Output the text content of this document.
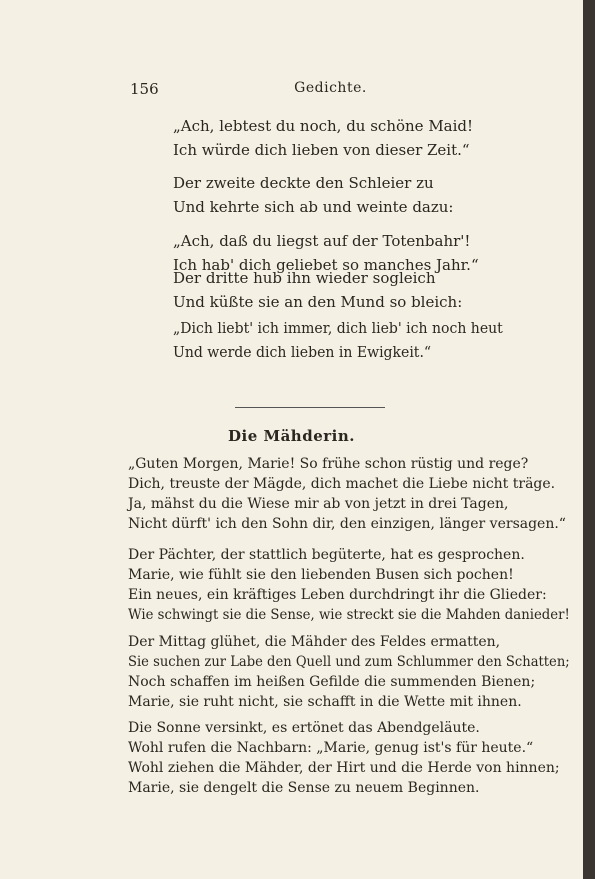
156	Gedichte.
„Ach, lebtest du noch, du schöne Maid!
Ich würde dich lieben von dieser Zeit.“
Der zweite deckte den Schleier zu
Und kehrte sich ab und weinte dazu:
„Ach, daß du liegst auf der Totenbahr'!
Ich hab' dich geliebet so manches Jahr.“
Der dritte hub ihn wieder sogleich
Und küßte sie an den Mund so bleich:
„Dich liebt' ich immer, dich lieb' ich noch heut
Und werde dich lieben in Ewigkeit.“
Die Mähderin.
„Guten Morgen, Marie! So frühe schon rüstig und rege?
Dich, treuste der Mägde, dich machet die Liebe nicht träge.
Ja, mähst du die Wiese mir ab von jetzt in drei Tagen,
Nicht dürft' ich den Sohn dir, den einzigen, länger versagen.“
Der Pächter, der stattlich begüterte, hat es gesprochen.
Marie, wie fühlt sie den liebenden Busen sich pochen!
Ein neues, ein kräftiges Leben durchdringt ihr die Glieder:
Wie schwingt sie die Sense, wie streckt sie die Mahden danieder!
Der Mittag glühet, die Mähder des Feldes ermatten,
Sie suchen zur Labe den Quell und zum Schlummer den Schatten;
Noch schaffen im heißen Gefilde die summenden Bienen;
Marie, sie ruht nicht, sie schafft in die Wette mit ihnen.
Die Sonne versinkt, es ertönet das Abendgeläute.
Wohl rufen die Nachbarn: „Marie, genug ist's für heute.“
Wohl ziehen die Mähder, der Hirt und die Herde von hinnen;
Marie, sie dengelt die Sense zu neuem Beginnen.
